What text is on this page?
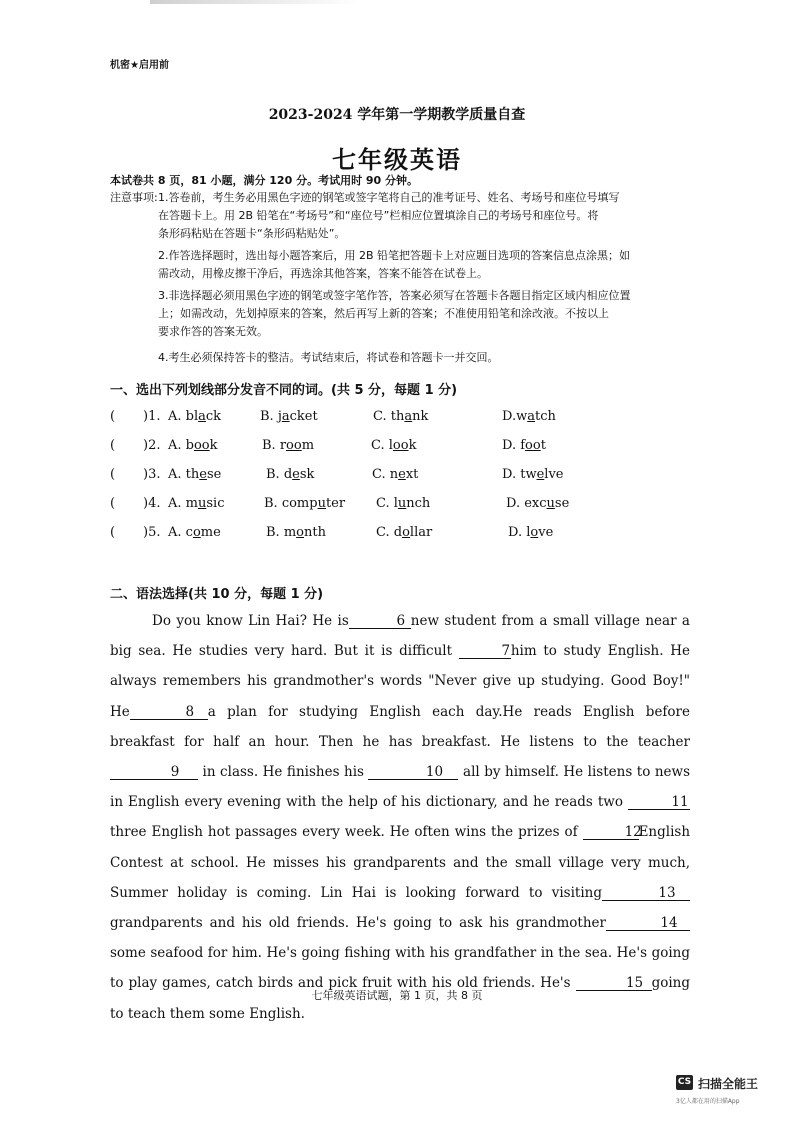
机密★启用前
2023-2024 学年第一学期教学质量自查
七年级英语
本试卷共 8 页，81 小题，满分 120 分。考试用时 90 分钟。
注意事项: 1.答卷前，考生务必用黑色字迹的钢笔或签字笔将自己的准考证号、姓名、考场号和座位号填写
在答题卡上。用 2B 铅笔在“考场号”和“座位号”栏相应位置填涂自己的考场号和座位号。将
条形码粘贴在答题卡“条形码粘贴处”。
2.作答选择题时，选出每小题答案后，用 2B 铅笔把答题卡上对应题目选项的答案信息点涂黑；如
需改动，用橡皮擦干净后，再选涂其他答案，答案不能答在试卷上。
3.非选择题必须用黑色字迹的钢笔或签字笔作答，答案必须写在答题卡各题目指定区域内相应位置
上；如需改动，先划掉原来的答案，然后再写上新的答案；不准使用铅笔和涂改液。不按以上
要求作答的答案无效。
4.考生必须保持答卡的整洁。考试结束后，将试卷和答题卡一并交回。
一、选出下列划线部分发音不同的词。(共 5 分，每题 1 分)
( )1. A. black	B. jacket	C. thank	D.watch
( )2. A. book	B. room	C. look	D. foot
( )3. A. these	B. desk	C. next	D. twelve
( )4. A. music	B. computer C. lunch	D. excuse
( )5. A. come	B. month	C. dollar	D. love
二、语法选择(共 10 分，每题 1 分)

Do you know Lin Hai? He is	6 new student from a small village near a big sea. He studies very hard. But it is difficult	7him to study English. He always remembers his grandmother's words "Never give up studying. Good Boy!" He	8 a plan for studying English each day.He reads English before breakfast for half an hour. Then he has breakfast. He listens to the teacher 9 in class. He finishes his	10 all by himself. He listens to news in English every evening with the help of his dictionary, and he reads two	11three English hot passages every week. He often wins the prizes of	12English Contest at school. He misses his grandparents and the small village very much, Summer holiday is coming. Lin Hai is looking forward to visiting	13grandparents and his old friends. He's going to ask his grandmother	14some seafood for him. He's going fishing with his grandfather in the sea. He's going to play games, catch birds and pick fruit with his old friends. He's	15 going to teach them some English.

七年级英语试题，第 1 页，共 8 页
CS 扫描全能王
3亿人都在用的扫描App
